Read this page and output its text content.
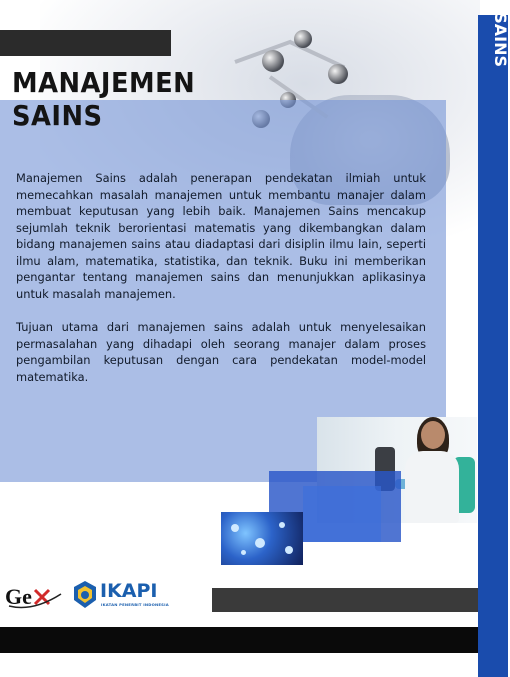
MANAJEMEN
SAINS

Manajemen Sains adalah penerapan pendekatan ilmiah untuk memecahkan masalah manajemen untuk membantu manajer dalam membuat keputusan yang lebih baik. Manajemen Sains mencakup sejumlah teknik berorientasi matematis yang dikembangkan dalam bidang manajemen sains atau diadaptasi dari disiplin ilmu lain, seperti ilmu alam, matematika, statistika, dan teknik. Buku ini memberikan pengantar tentang manajemen sains dan menunjukkan aplikasinya untuk masalah manajemen.

Tujuan utama dari manajemen sains adalah untuk menyelesaikan permasalahan yang dihadapi oleh seorang manajer dalam proses pengambilan keputusan dengan cara pendekatan model-model matematika.

SAINS
Ge	IKAPI
IKATAN PENERBIT INDONESIA
